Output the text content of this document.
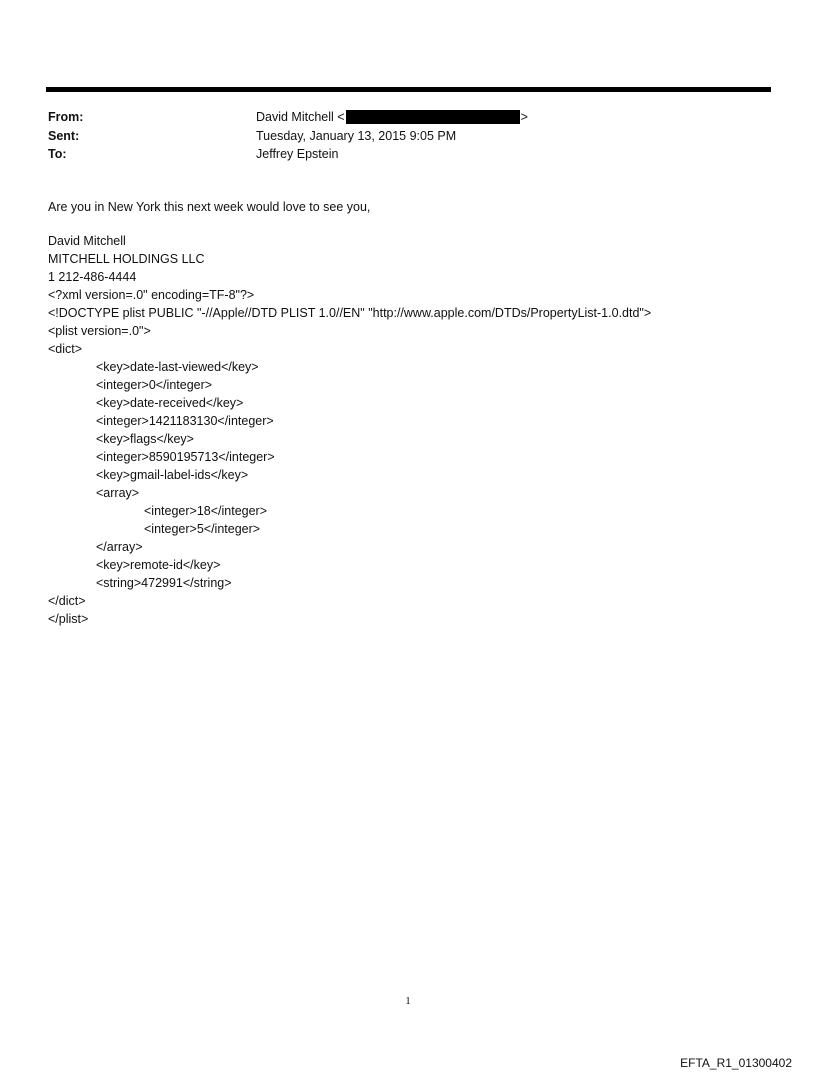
From:	David Mitchell <	>
Sent:	Tuesday, January 13, 2015 9:05 PM
To:	Jeffrey Epstein
Are you in New York this next week would love to see you,
David Mitchell
MITCHELL HOLDINGS LLC
1 212-486-4444
<?xml version=.0" encoding=TF-8"?>
<!DOCTYPE plist PUBLIC "-//Apple//DTD PLIST 1.0//EN" "http://www.apple.com/DTDs/PropertyList-1.0.dtd">
<plist version=.0">
<dict>
<key>date-last-viewed</key>
<integer>0</integer>
<key>date-received</key>
<integer>1421183130</integer>
<key>flags</key>
<integer>8590195713</integer>
<key>gmail-label-ids</key>
<array>
<integer>18</integer>
<integer>5</integer>
</array>
<key>remote-id</key>
<string>472991</string>
</dict>
</plist>
1
EFTA_R1_01300402
